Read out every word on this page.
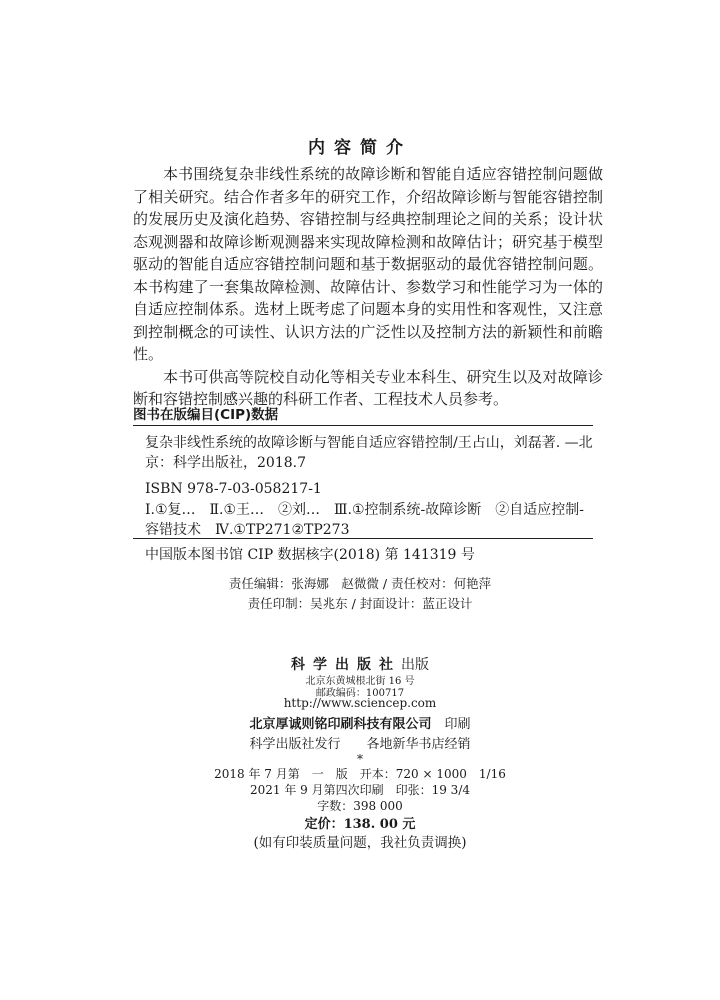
内容简介

本书围绕复杂非线性系统的故障诊断和智能自适应容错控制问题做了相关研究。结合作者多年的研究工作，介绍故障诊断与智能容错控制的发展历史及演化趋势、容错控制与经典控制理论之间的关系；设计状态观测器和故障诊断观测器来实现故障检测和故障估计；研究基于模型驱动的智能自适应容错控制问题和基于数据驱动的最优容错控制问题。本书构建了一套集故障检测、故障估计、参数学习和性能学习为一体的自适应控制体系。选材上既考虑了问题本身的实用性和客观性，又注意到控制概念的可读性、认识方法的广泛性以及控制方法的新颖性和前瞻性。

本书可供高等院校自动化等相关专业本科生、研究生以及对故障诊断和容错控制感兴趣的科研工作者、工程技术人员参考。

图书在版编目(CIP)数据
复杂非线性系统的故障诊断与智能自适应容错控制/王占山，刘磊著. —北京：科学出版社，2018.7
ISBN 978-7-03-058217-1
Ⅰ.①复…　Ⅱ.①王…　②刘…　Ⅲ.①控制系统-故障诊断　②自适应控制-容错技术　Ⅳ.①TP271②TP273
中国版本图书馆 CIP 数据核字(2018) 第 141319 号
责任编辑：张海娜　赵微微 / 责任校对：何艳萍
责任印制：吴兆东 / 封面设计：蓝正设计
科学出版社出版
北京东黄城根北街 16 号
邮政编码：100717
http://www.sciencep.com
北京厚诚则铭印刷科技有限公司　 印刷
科学出版社发行　　各地新华书店经销
*
2018 年 7 月第　一　版　开本：720 × 1000　1/16
2021 年 9 月第四次印刷　印张：19 3/4
字数：398 000
定价：138. 00 元
(如有印装质量问题，我社负责调换)
